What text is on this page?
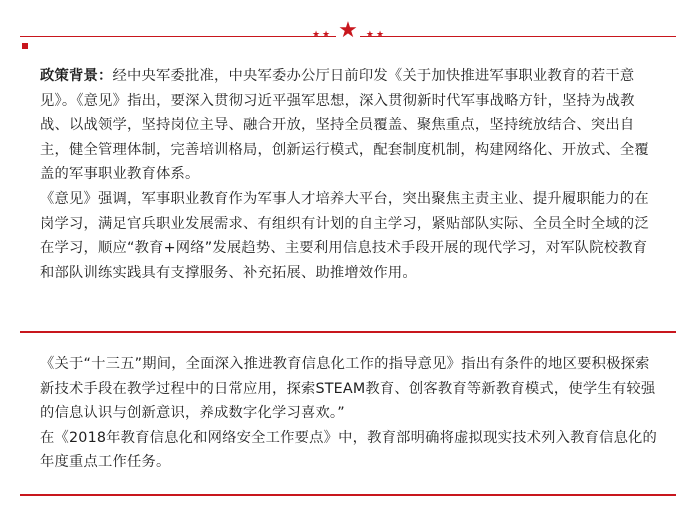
★ ★ ★ ★ ★

政策背景：经中央军委批准，中央军委办公厅日前印发《关于加快推进军事职业教育的若干意见》。《意见》指出，要深入贯彻习近平强军思想，深入贯彻新时代军事战略方针，坚持为战教战、以战领学，坚持岗位主导、融合开放，坚持全员覆盖、聚焦重点，坚持统放结合、突出自主，健全管理体制，完善培训格局，创新运行模式，配套制度机制，构建网络化、开放式、全覆盖的军事职业教育体系。

《意见》强调，军事职业教育作为军事人才培养大平台，突出聚焦主责主业、提升履职能力的在岗学习，满足官兵职业发展需求、有组织有计划的自主学习，紧贴部队实际、全员全时全域的泛在学习，顺应“教育+网络”发展趋势、主要利用信息技术手段开展的现代学习，对军队院校教育和部队训练实践具有支撑服务、补充拓展、助推增效作用。

《关于“十三五”期间，全面深入推进教育信息化工作的指导意见》指出有条件的地区要积极探索新技术手段在教学过程中的日常应用，探索STEAM教育、创客教育等新教育模式，使学生有较强的信息认识与创新意识，养成数字化学习喜欢。”

在《2018年教育信息化和网络安全工作要点》中，教育部明确将虚拟现实技术列入教育信息化的年度重点工作任务。
